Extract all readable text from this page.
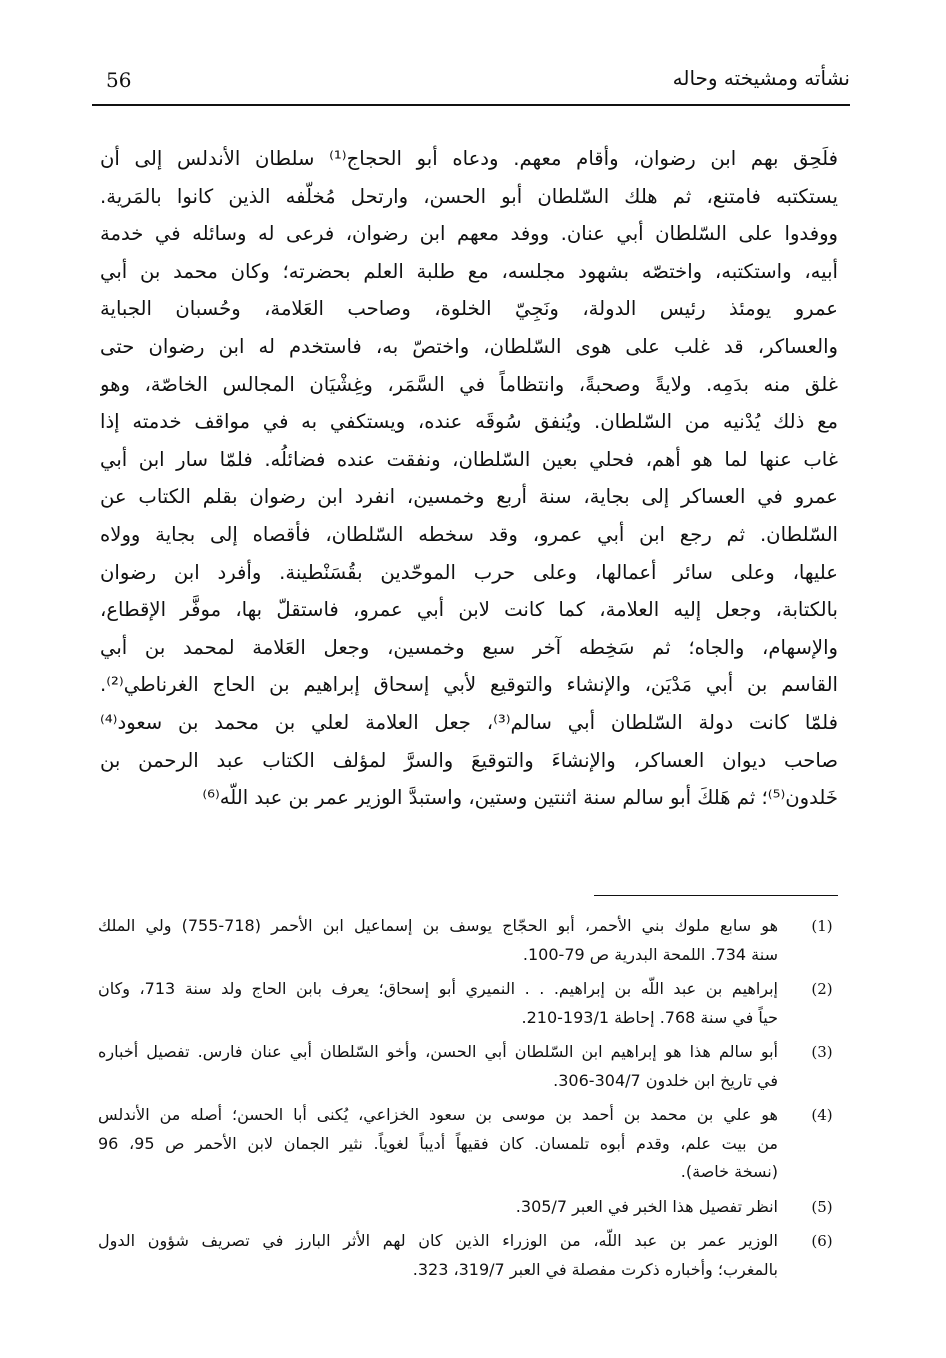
56	نشأته ومشيخته وحاله
فلَحِق بهم ابن رضوان، وأقام معهم. ودعاه أبو الحجاج⁽¹⁾ سلطان الأندلس إلى أن
يستكتبه فامتنع، ثم هلك السّلطان أبو الحسن، وارتحل مُخلّفه الذين كانوا بالمَرية.
ووفدوا على السّلطان أبي عنان. ووفد معهم ابن رضوان، فرعى له وسائله في خدمة
أبيه، واستكتبه، واختصّه بشهود مجلسه، مع طلبة العلم بحضرته؛ وكان محمد بن أبي
عمرو يومئذ رئيس الدولة، ونَجِيّ الخلوة، وصاحب العَلامة، وحُسبان الجباية
والعساكر، قد غلب على هوى السّلطان، واختصّ به، فاستخدم له ابن رضوان حتى
غلق منه بدَمِه. ولايةً وصحبةً، وانتظاماً في السَّمَر، وغِشْيَان المجالس الخاصّة، وهو
مع ذلك يُدْنيه من السّلطان. ويُنفق سُوقَه عنده، ويستكفي به في مواقف خدمته إذا
غاب عنها لما هو أهم، فحلي بعين السّلطان، ونفقت عنده فضائلُه. فلمّا سار ابن أبي
عمرو في العساكر إلى بجاية، سنة أربع وخمسين، انفرد ابن رضوان بقلم الكتاب عن
السّلطان. ثم رجع ابن أبي عمرو، وقد سخطه السّلطان، فأقصاه إلى بجاية وولاه
عليها، وعلى سائر أعمالها، وعلى حرب الموحّدين بقُسَنْطينة. وأفرد ابن رضوان
بالكتابة، وجعل إليه العلامة، كما كانت لابن أبي عمرو، فاستقلّ بها، موفَّر الإقطاع،
والإسهام، والجاه؛ ثم سَخِطه آخر سبع وخمسين، وجعل العَلامة لمحمد بن أبي
القاسم بن أبي مَدْيَن، والإنشاء والتوقيع لأبي إسحاق إبراهيم بن الحاج الغرناطي⁽²⁾.
فلمّا كانت دولة السّلطان أبي سالم⁽³⁾، جعل العلامة لعلي بن محمد بن سعود⁽⁴⁾
صاحب ديوان العساكر، والإنشاءَ والتوقيعَ والسرَّ لمؤلف الكتاب عبد الرحمن بن
خَلدون⁽⁵⁾؛ ثم هَلكَ أبو سالم سنة اثنتين وستين، واستبدَّ الوزير عمر بن عبد اللّه⁽⁶⁾
(1)
هو سابع ملوك بني الأحمر، أبو الحجّاج يوسف بن إسماعيل ابن الأحمر (718-755) ولي الملك
سنة 734. اللمحة البدرية ص 79-100.
(2)
إبراهيم بن عبد اللّه بن إبراهيم. . . النميري أبو إسحاق؛ يعرف بابن الحاج ولد سنة 713، وكان
حياً في سنة 768. إحاطة 193/1-210.
(3)
أبو سالم هذا هو إبراهيم ابن السّلطان أبي الحسن، وأخو السّلطان أبي عنان فارس. تفصيل أخباره
في تاريخ ابن خلدون 304/7-306.
(4)
هو علي بن محمد بن أحمد بن موسى بن سعود الخزاعي، يُكنى أبا الحسن؛ أصله من الأندلس
من بيت علم، وقدم أبوه تلمسان. كان فقيهاً أديباً لغوياً. نثير الجمان لابن الأحمر ص 95، 96
(نسخة خاصة).
(5)
انظر تفصيل هذا الخبر في العبر 305/7.
(6)
الوزير عمر بن عبد اللّه، من الوزراء الذين كان لهم الأثر البارز في تصريف شؤون الدول
بالمغرب؛ وأخباره ذكرت مفصلة في العبر 319/7، 323.
